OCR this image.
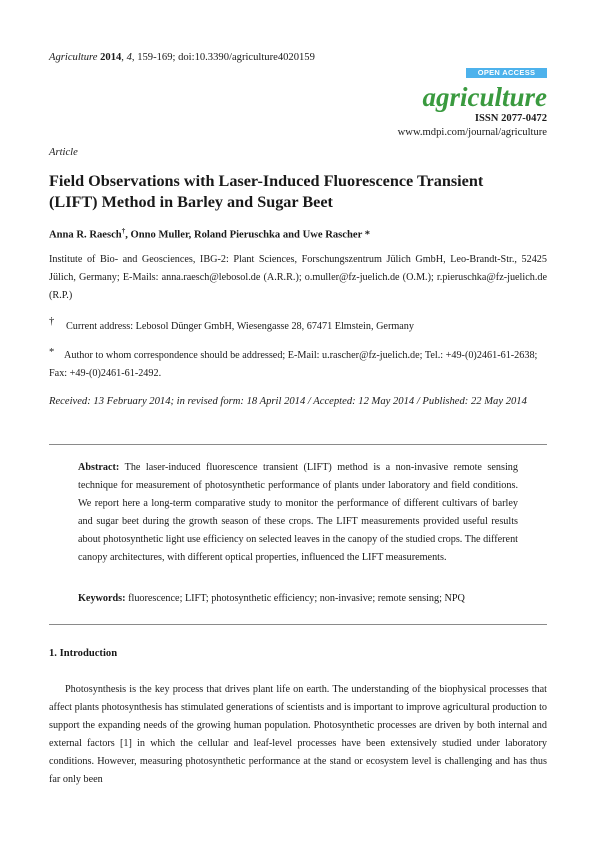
Agriculture 2014, 4, 159-169; doi:10.3390/agriculture4020159
OPEN ACCESS
agriculture
ISSN 2077-0472
www.mdpi.com/journal/agriculture
Article
Field Observations with Laser-Induced Fluorescence Transient (LIFT) Method in Barley and Sugar Beet
Anna R. Raesch†, Onno Muller, Roland Pieruschka and Uwe Rascher *
Institute of Bio- and Geosciences, IBG-2: Plant Sciences, Forschungszentrum Jülich GmbH, Leo-Brandt-Str., 52425 Jülich, Germany; E-Mails: anna.raesch@lebosol.de (A.R.R.); o.muller@fz-juelich.de (O.M.); r.pieruschka@fz-juelich.de (R.P.)
† Current address: Lebosol Dünger GmbH, Wiesengasse 28, 67471 Elmstein, Germany
* Author to whom correspondence should be addressed; E-Mail: u.rascher@fz-juelich.de; Tel.: +49-(0)2461-61-2638; Fax: +49-(0)2461-61-2492.
Received: 13 February 2014; in revised form: 18 April 2014 / Accepted: 12 May 2014 / Published: 22 May 2014
Abstract: The laser-induced fluorescence transient (LIFT) method is a non-invasive remote sensing technique for measurement of photosynthetic performance of plants under laboratory and field conditions. We report here a long-term comparative study to monitor the performance of different cultivars of barley and sugar beet during the growth season of these crops. The LIFT measurements provided useful results about photosynthetic light use efficiency on selected leaves in the canopy of the studied crops. The different canopy architectures, with different optical properties, influenced the LIFT measurements.
Keywords: fluorescence; LIFT; photosynthetic efficiency; non-invasive; remote sensing; NPQ
1. Introduction
Photosynthesis is the key process that drives plant life on earth. The understanding of the biophysical processes that affect plants photosynthesis has stimulated generations of scientists and is important to improve agricultural production to support the expanding needs of the growing human population. Photosynthetic processes are driven by both internal and external factors [1] in which the cellular and leaf-level processes have been extensively studied under laboratory conditions. However, measuring photosynthetic performance at the stand or ecosystem level is challenging and has thus far only been
